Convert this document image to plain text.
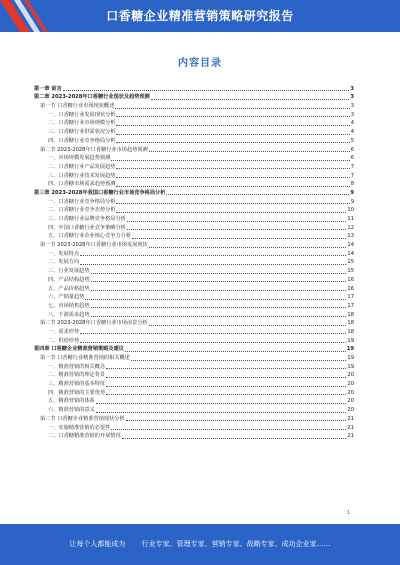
口香糖企业精准营销策略研究报告
内容目录
第一章 前言	3
第二章 2023-2028年口香糖行业现状及趋势预测	3
第一节 口香糖行业市场现状概述	3
一、口香糖行业发展现状分析	3
二、口香糖行业市场规模分析	4
三、口香糖行业供需状况分析	4
四、口香糖行业竞争格局分析	5
第二节 2023-2028年口香糖行业市场趋势预测	6
一、市场规模发展趋势预测	6
二、口香糖行业产品发展趋势	7
三、口香糖行业技术发展趋势	7
四、口香糖市场需求趋势预测	8
第三章 2023-2028年我国口香糖行业市场竞争格局分析	9
一、口香糖行业竞争格局分析	9
二、口香糖行业竞争态势分析	10
三、口香糖行业品牌竞争格局分析	11
四、中国口香糖行业竞争策略分析	12
五、口香糖行业企业核心竞争力分析	13
第一节 2023-2028年口香糖行业市场发展现状	14
一、发展特点	14
二、发展方向	15
三、行业发展趋势	15
四、产品结构趋势	16
五、产品价格趋势	16
六、产销量趋势	17
七、市场销售趋势	17
八、下游需求趋势	18
第二节 2023-2028年口香糖行业市场前景分析	18
一、需求形势	18
二、供给形势	19
第四章 口香糖企业精准营销策略及建议	19
第一节 口香糖行业精准营销的相关概述	19
一、精准营销的相关概念	19
二、精准营销的理论背景	20
三、精准营销的基本特征	20
四、精准营销的主要优势	20
五、精准营销的体系	20
六、精准营销的意义	20
第二节 口香糖企业精准营销现状分析	21
一、实施精准营销的必要性	21
二、口香糖精准营销的开展情况	21
1
让每个人都能成为 行业专家、管理专家、营销专家、战略专家、成功企业家……
